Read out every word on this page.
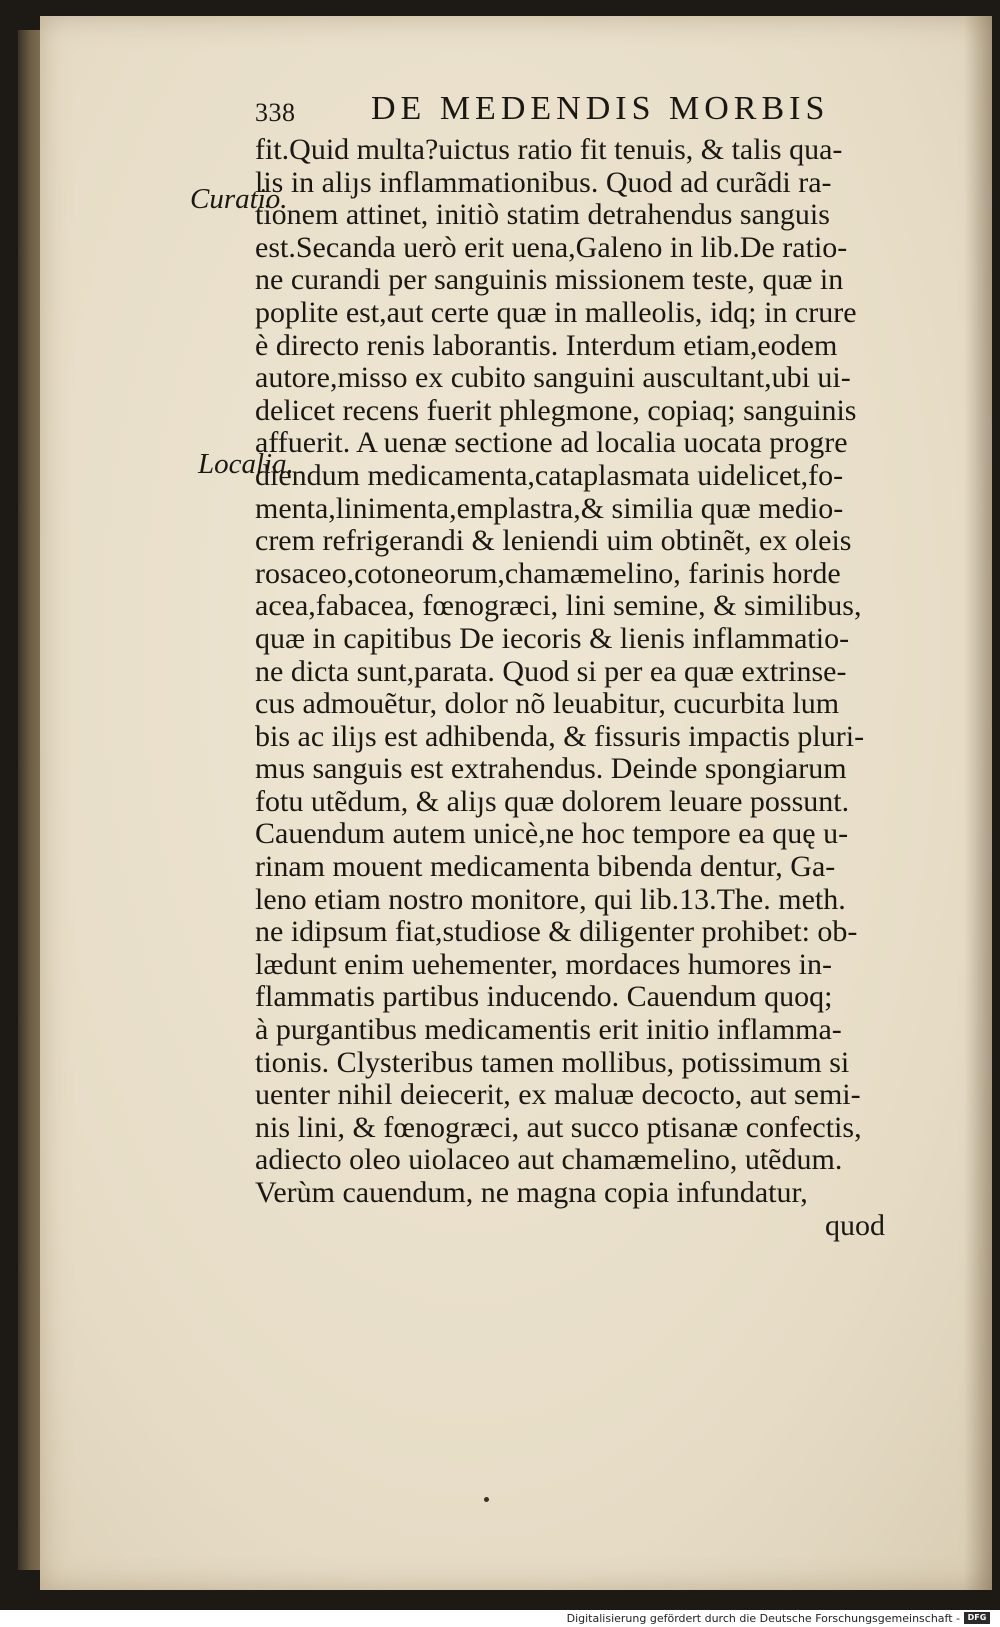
338 DE MEDENDIS MORBIS
Curatio.
Localia.
fit.Quid multa?uictus ratio fit tenuis, & talis qua-
lis in aliȷs inflammationibus. Quod ad curãdi ra-
tionem attinet, initiò statim detrahendus sanguis
est.Secanda uerò erit uena,Galeno in lib.De ratio-
ne curandi per sanguinis missionem teste, quæ in
poplite est,aut certe quæ in malleolis, idq; in crure
è directo renis laborantis. Interdum etiam,eodem
autore,misso ex cubito sanguini auscultant,ubi ui-
delicet recens fuerit phlegmone, copiaq; sanguinis
affuerit. A uenæ sectione ad localia uocata progre
diendum medicamenta,cataplasmata uidelicet,fo-
menta,linimenta,emplastra,& similia quæ medio-
crem refrigerandi & leniendi uim obtinẽt, ex oleis
rosaceo,cotoneorum,chamæmelino, farinis horde
acea,fabacea, fœnogræci, lini semine, & similibus,
quæ in capitibus De iecoris & lienis inflammatio-
ne dicta sunt,parata. Quod si per ea quæ extrinse-
cus admouẽtur, dolor nõ leuabitur, cucurbita lum
bis ac iliȷs est adhibenda, & fissuris impactis pluri-
mus sanguis est extrahendus. Deinde spongiarum
fotu utẽdum, & aliȷs quæ dolorem leuare possunt.
Cauendum autem unicè,ne hoc tempore ea quę u-
rinam mouent medicamenta bibenda dentur, Ga-
leno etiam nostro monitore, qui lib.13.The. meth.
ne idipsum fiat,studiose & diligenter prohibet: ob-
lædunt enim uehementer, mordaces humores in-
flammatis partibus inducendo. Cauendum quoq;
à purgantibus medicamentis erit initio inflamma-
tionis. Clysteribus tamen mollibus, potissimum si
uenter nihil deiecerit, ex maluæ decocto, aut semi-
nis lini, & fœnogræci, aut succo ptisanæ confectis,
adiecto oleo uiolaceo aut chamæmelino, utẽdum.
Verùm cauendum, ne magna copia infundatur,
quod
Digitalisierung gefördert durch die Deutsche Forschungsgemeinschaft - DFG
